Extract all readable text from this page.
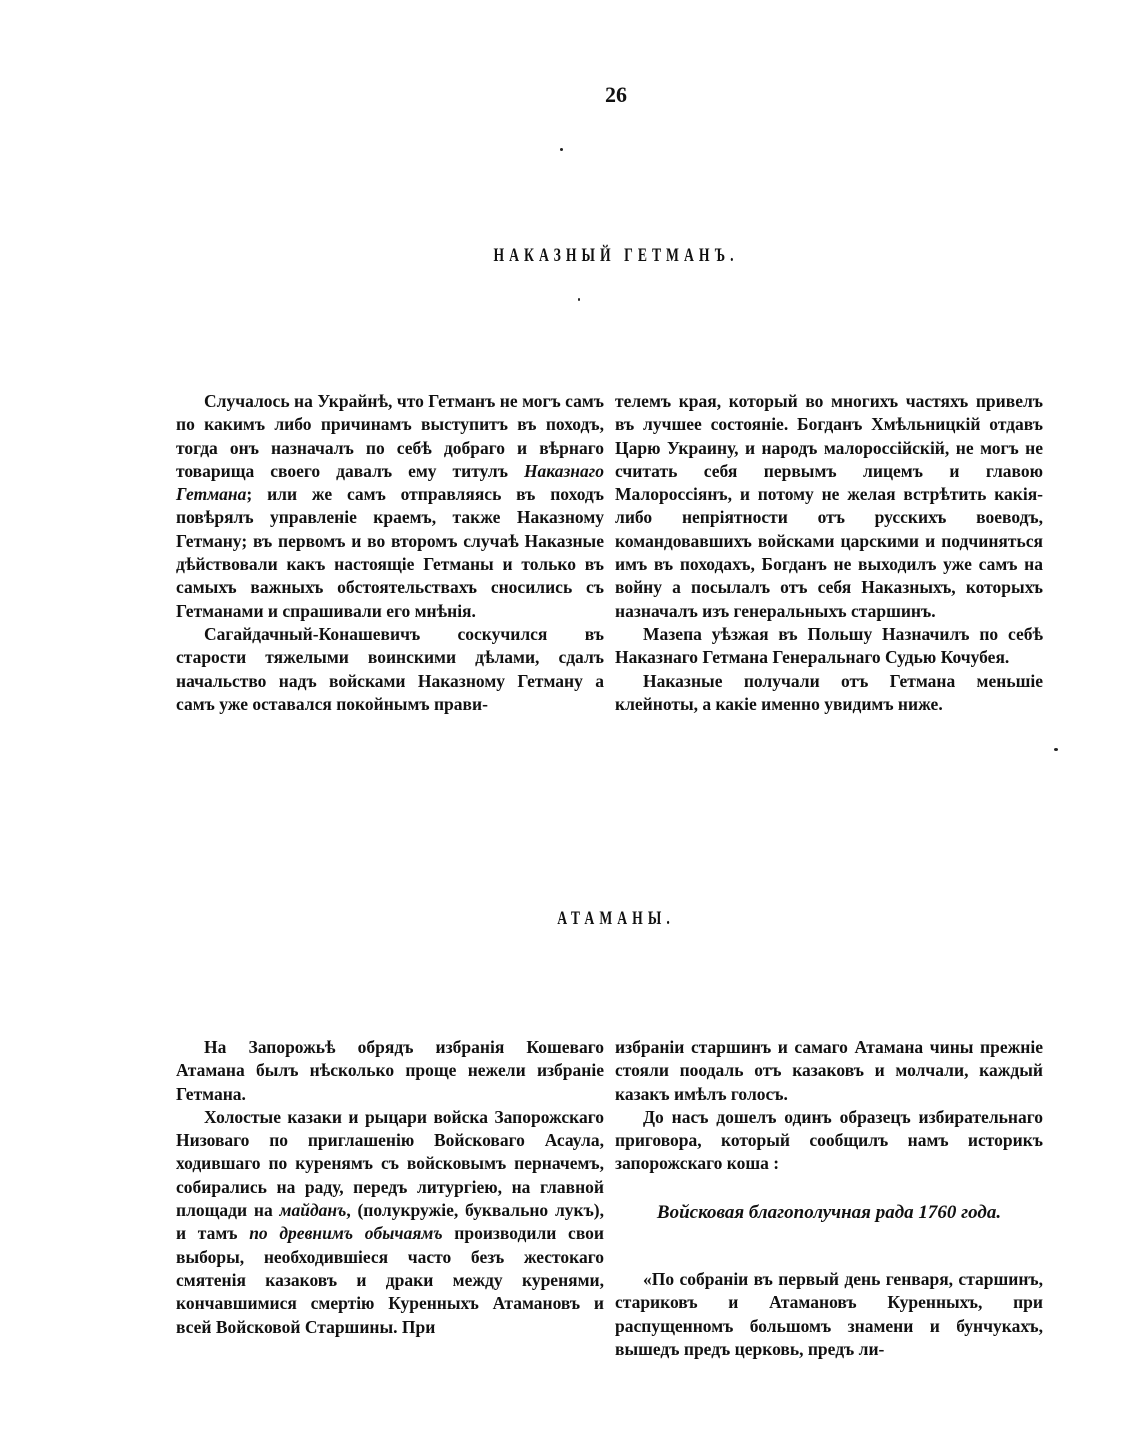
26
НАКАЗНЫЙ ГЕТМАНЪ.

Случалось на Украйнѣ, что Гетманъ не могъ самъ по какимъ либо причинамъ выступитъ въ походъ, тогда онъ назначалъ по себѣ добраго и вѣрнаго товарища своего давалъ ему титулъ Наказнаго Гетмана; или же самъ отправляясь въ походъ повѣрялъ управленіе краемъ, также Наказному Гетману; въ первомъ и во второмъ случаѣ Наказные дѣйствовали какъ настоящіе Гетманы и только въ самыхъ важныхъ обстоятельствахъ сносились съ Гетманами и спрашивали его мнѣнія.

Сагайдачный-Конашевичъ соскучился въ старости тяжелыми воинскими дѣлами, сдалъ начальство надъ войсками Наказному Гетману а самъ уже оставался покойнымъ прави-

телемъ края, который во многихъ частяхъ привелъ въ лучшее состояніе. Богданъ Хмѣльницкій отдавъ Царю Украину, и народъ малороссійскій, не могъ не считать себя первымъ лицемъ и главою Малороссіянъ, и потому не желая встрѣтить какія-либо непріятности отъ русскихъ воеводъ, командовавшихъ войсками царскими и подчиняться имъ въ походахъ, Богданъ не выходилъ уже самъ на войну а посылалъ отъ себя Наказныхъ, которыхъ назначалъ изъ генеральныхъ старшинъ.

Мазепа уѣзжая въ Польшу Назначилъ по себѣ Наказнаго Гетмана Генеральнаго Судью Кочубея.

Наказные получали отъ Гетмана меньшіе клейноты, а какіе именно увидимъ ниже.

АТАМАНЫ.

На Запорожьѣ обрядъ избранія Кошеваго Атамана былъ нѣсколько проще нежели избраніе Гетмана.

Холостые казаки и рыцари войска Запорожскаго Низоваго по приглашенію Войсковаго Асаула, ходившаго по куренямъ съ войсковымъ перначемъ, собирались на раду, передъ литургіею, на главной площади на майданъ, (полукружіе, буквально лукъ), и тамъ по древнимъ обычаямъ производили свои выборы, необходившіеся часто безъ жестокаго смятенія казаковъ и драки между куренями, кончавшимися смертію Куренныхъ Атамановъ и всей Войсковой Старшины. При

избраніи старшинъ и самаго Атамана чины прежніе стояли поодаль отъ казаковъ и молчали, каждый казакъ имѣлъ голосъ.

До насъ дошелъ одинъ образецъ избирательнаго приговора, который сообщилъ намъ историкъ запорожскаго коша :

Войсковая благополучная рада 1760 года.

«По собраніи въ первый день генваря, старшинъ, стариковъ и Атамановъ Куренныхъ, при распущенномъ большомъ знамени и бунчукахъ, вышедъ предъ церковь, предъ ли-
